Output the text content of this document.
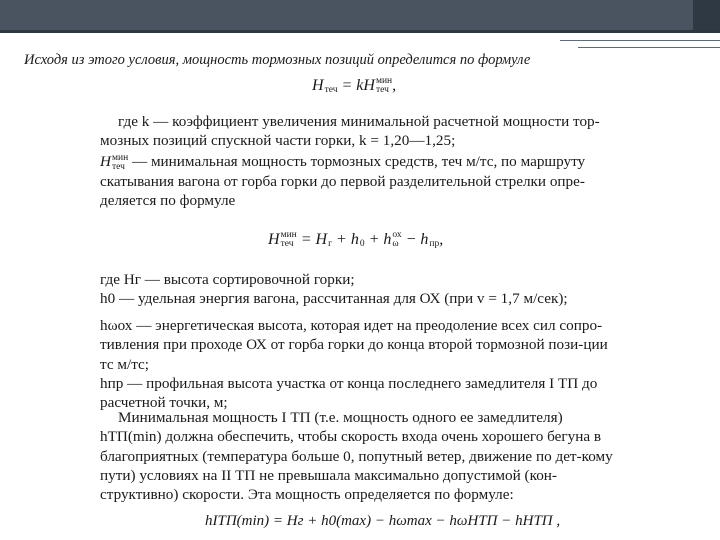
Исходя из этого условия, мощность тормозных позиций определится по формуле
H
теч = kH мин
теч ,

где k — коэффициент увеличения минимальной расчетной мощности тор-мозных позиций спускной части горки, k = 1,20—1,25;

H мин
теч — минимальная мощность тормозных средств, теч м/тс, по маршруту скатывания вагона от горба горки до первой разделительной стрелки опре-деляется по формуле
H мин
теч = H
г + h
0 + h ох
ω − h
пр ,

где Hг — высота сортировочной горки;

h0 — удельная энергия вагона, рассчитанная для ОХ (при v = 1,7 м/сек);

hωох — энергетическая высота, которая идет на преодоление всех сил сопро-тивления при проходе ОХ от горба горки до конца второй тормозной пози-ции тс м/тс;

hпр — профильная высота участка от конца последнего замедлителя I ТП до расчетной точки, м;

Минимальная мощность I ТП (т.е. мощность одного ее замедлителя) hТП(min) должна обеспечить, чтобы скорость входа очень хорошего бегуна в благоприятных (температура больше 0, попутный ветер, движение по дет-кому пути) условиях на II ТП не превышала максимально допустимой (кон-структивно) скорости. Эта мощность определяется по формуле:

hITП(min) = Hг + h0(max) − hωmax − hωНТП − hНТП ,
